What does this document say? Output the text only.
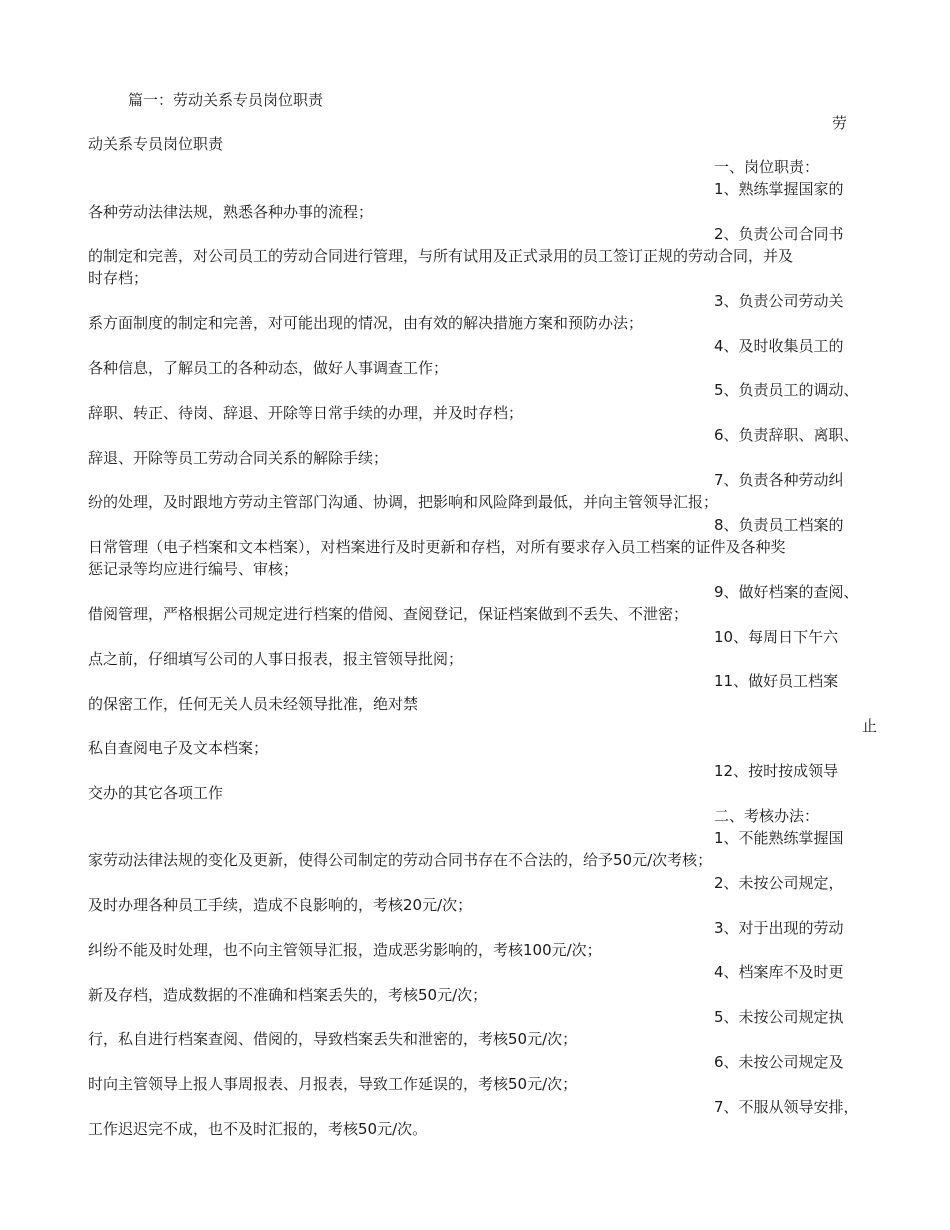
篇一：劳动关系专员岗位职责
劳
动关系专员岗位职责
一、岗位职责：
1、熟练掌握国家的
各种劳动法律法规，熟悉各种办事的流程；
2、负责公司合同书
的制定和完善，对公司员工的劳动合同进行管理，与所有试用及正式录用的员工签订正规的劳动合同，并及
时存档；
3、负责公司劳动关
系方面制度的制定和完善，对可能出现的情况，由有效的解决措施方案和预防办法；
4、及时收集员工的
各种信息，了解员工的各种动态，做好人事调查工作；
5、负责员工的调动、
辞职、转正、待岗、辞退、开除等日常手续的办理，并及时存档；
6、负责辞职、离职、
辞退、开除等员工劳动合同关系的解除手续；
7、负责各种劳动纠
纷的处理，及时跟地方劳动主管部门沟通、协调，把影响和风险降到最低，并向主管领导汇报；
8、负责员工档案的
日常管理（电子档案和文本档案），对档案进行及时更新和存档，对所有要求存入员工档案的证件及各种奖
惩记录等均应进行编号、审核；
9、做好档案的查阅、
借阅管理，严格根据公司规定进行档案的借阅、查阅登记，保证档案做到不丢失、不泄密；
10、每周日下午六
点之前，仔细填写公司的人事日报表，报主管领导批阅；
11、做好员工档案
的保密工作，任何无关人员未经领导批准，绝对禁
止
私自查阅电子及文本档案；
12、按时按成领导
交办的其它各项工作
二、考核办法：
1、不能熟练掌握国
家劳动法律法规的变化及更新，使得公司制定的劳动合同书存在不合法的，给予50元/次考核；
2、未按公司规定，
及时办理各种员工手续，造成不良影响的，考核20元/次；
3、对于出现的劳动
纠纷不能及时处理，也不向主管领导汇报，造成恶劣影响的，考核100元/次；
4、档案库不及时更
新及存档，造成数据的不准确和档案丢失的，考核50元/次；
5、未按公司规定执
行，私自进行档案查阅、借阅的，导致档案丢失和泄密的，考核50元/次；
6、未按公司规定及
时向主管领导上报人事周报表、月报表，导致工作延误的，考核50元/次；
7、不服从领导安排，
工作迟迟完不成，也不及时汇报的，考核50元/次。
